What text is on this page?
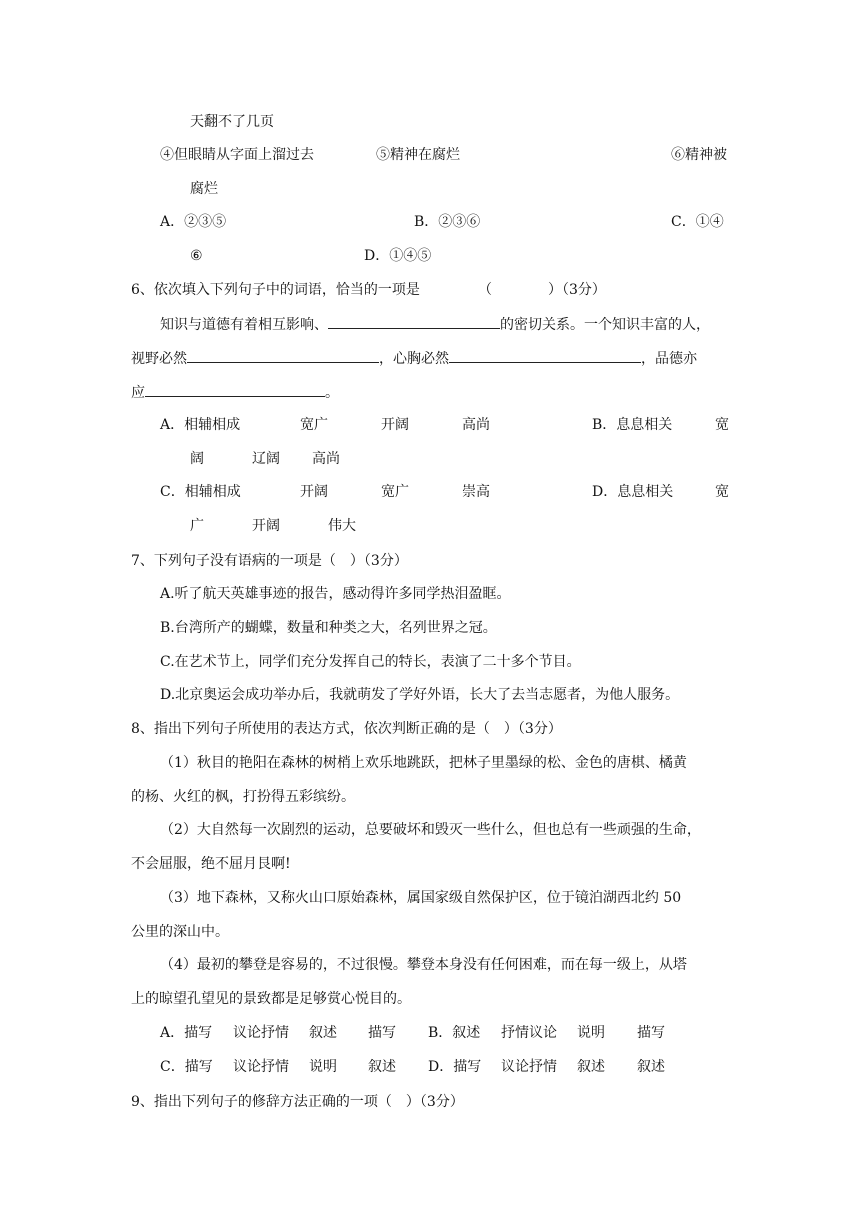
天翻不了几页
④但眼睛从字面上溜过去	⑤精神在腐烂	⑥精神被
腐烂
A．②③⑤	B．②③⑥	C．①④
⑥	D．①④⑤
6、依次填入下列句子中的词语，恰当的一项是	（　　　　）（3分）
知识与道德有着相互影响、	的密切关系。一个知识丰富的人，
视野必然	，心胸必然	，品德亦
应	。
A．相辅相成	宽广	开阔	高尚	B．息息相关	宽
阔	辽阔 高尚
C．相辅相成	开阔	宽广	崇高	D．息息相关	宽
广	开阔	伟大
7、下列句子没有语病的一项是（　）（3分）
A.听了航天英雄事迹的报告，感动得许多同学热泪盈眶。
B.台湾所产的蝴蝶，数量和种类之大，名列世界之冠。
C.在艺术节上，同学们充分发挥自己的特长，表演了二十多个节目。
D.北京奥运会成功举办后，我就萌发了学好外语，长大了去当志愿者，为他人服务。
8、指出下列句子所使用的表达方式，依次判断正确的是（　）（3分）
（1）秋目的艳阳在森林的树梢上欢乐地跳跃，把林子里墨绿的松、金色的唐棋、橘黄
的杨、火红的枫，打扮得五彩缤纷。
（2）大自然每一次剧烈的运动，总要破坏和毁灭一些什么，但也总有一些顽强的生命，
不会屈服，绝不屈月艮啊!
（3）地下森林，又称火山口原始森林，属国家级自然保护区，位于镜泊湖西北约 50
公里的深山中。
（4）最初的攀登是容易的，不过很慢。攀登本身没有任何困难，而在每一级上，从塔
上的晾望孔望见的景致都是足够赏心悦目的。
A．描写 议论抒情 叙述 描写 B．叙述 抒情议论 说明 描写
C．描写 议论抒情 说明 叙述 D．描写 议论抒情 叙述 叙述
9、指出下列句子的修辞方法正确的一项（　）（3分）
